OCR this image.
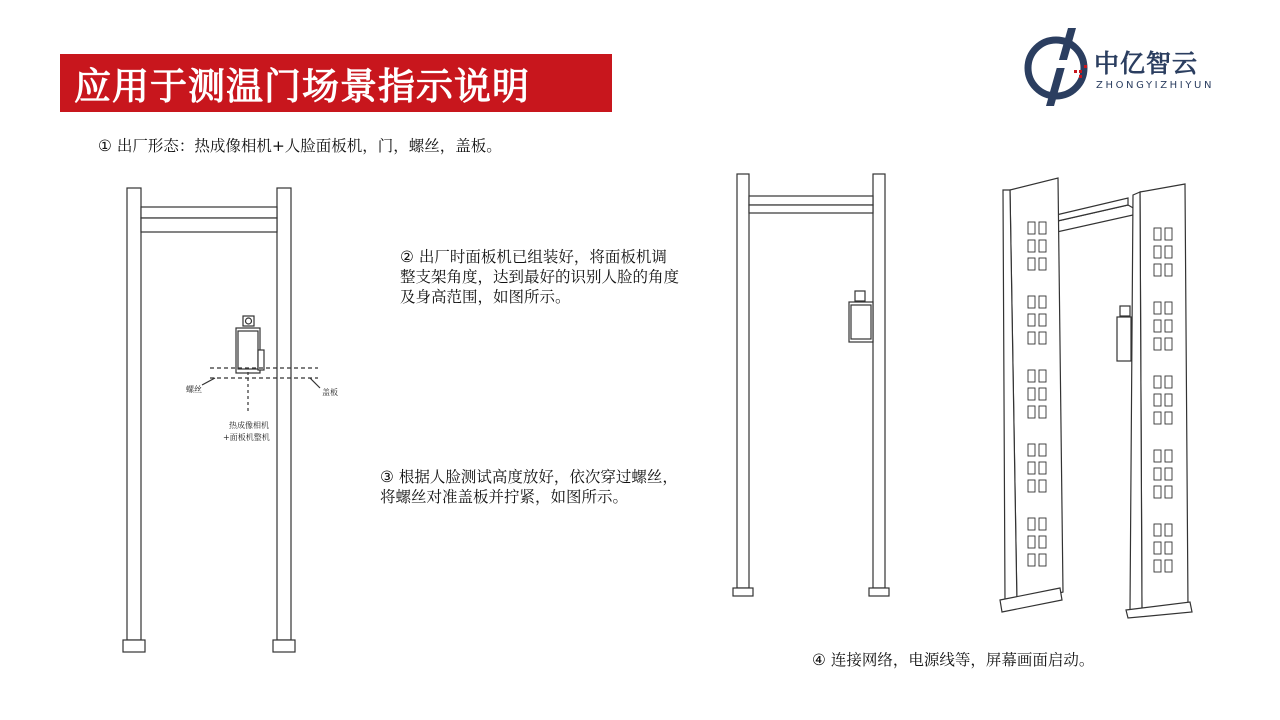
应用于测温门场景指示说明
中亿智云
ZHONGYIZHIYUN
① 出厂形态：热成像相机+人脸面板机，门，螺丝，盖板。
② 出厂时面板机已组装好，将面板机调整支架角度，达到最好的识别人脸的角度及身高范围，如图所示。
③ 根据人脸测试高度放好，依次穿过螺丝，将螺丝对准盖板并拧紧，如图所示。
④ 连接网络，电源线等，屏幕画面启动。
螺丝	盖板
热成像相机
+面板机整机
